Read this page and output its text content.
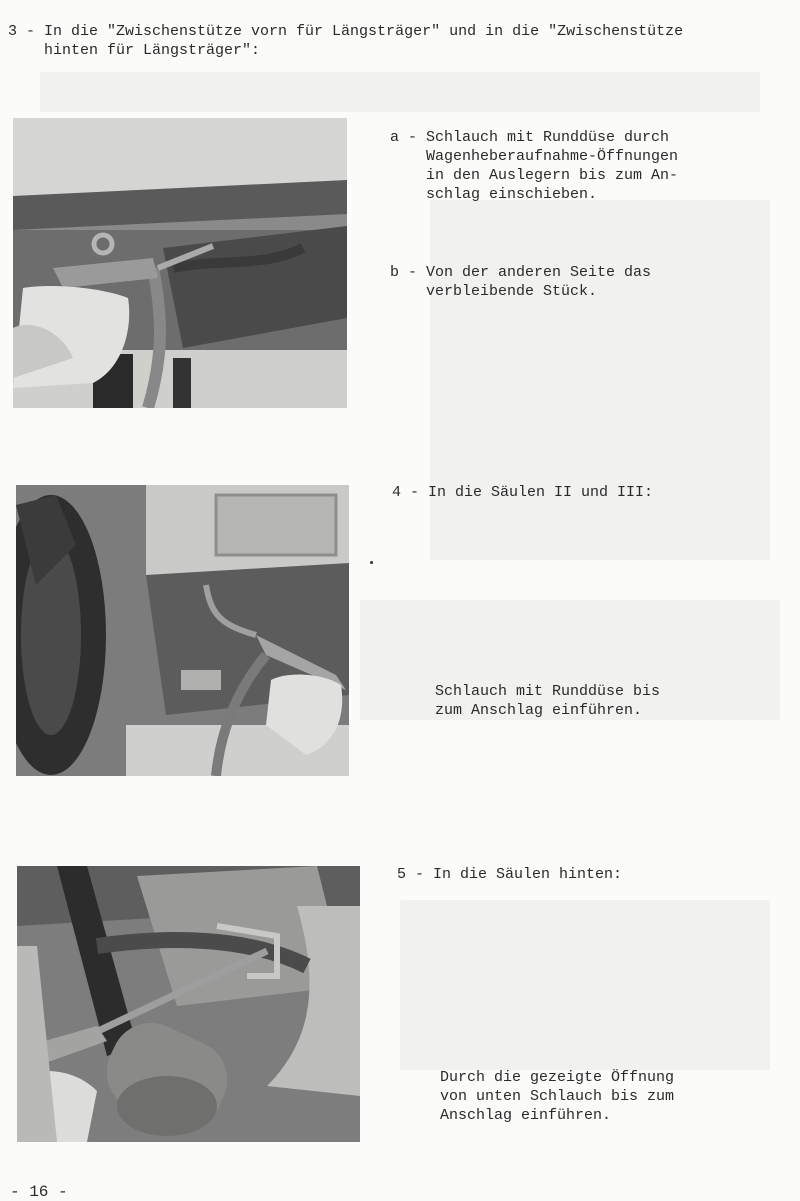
3 - In die "Zwischenstütze vorn für Längsträger" und in die "Zwischenstütze
hinten für Längsträger":
a - Schlauch mit Runddüse durch
Wagenheberaufnahme-Öffnungen
in den Auslegern bis zum An-
schlag einschieben.
b - Von der anderen Seite das
verbleibende Stück.
4 - In die Säulen II und III:
Schlauch mit Runddüse bis
zum Anschlag einführen.
5 - In die Säulen hinten:
Durch die gezeigte Öffnung
von unten Schlauch bis zum
Anschlag einführen.
- 16 -
